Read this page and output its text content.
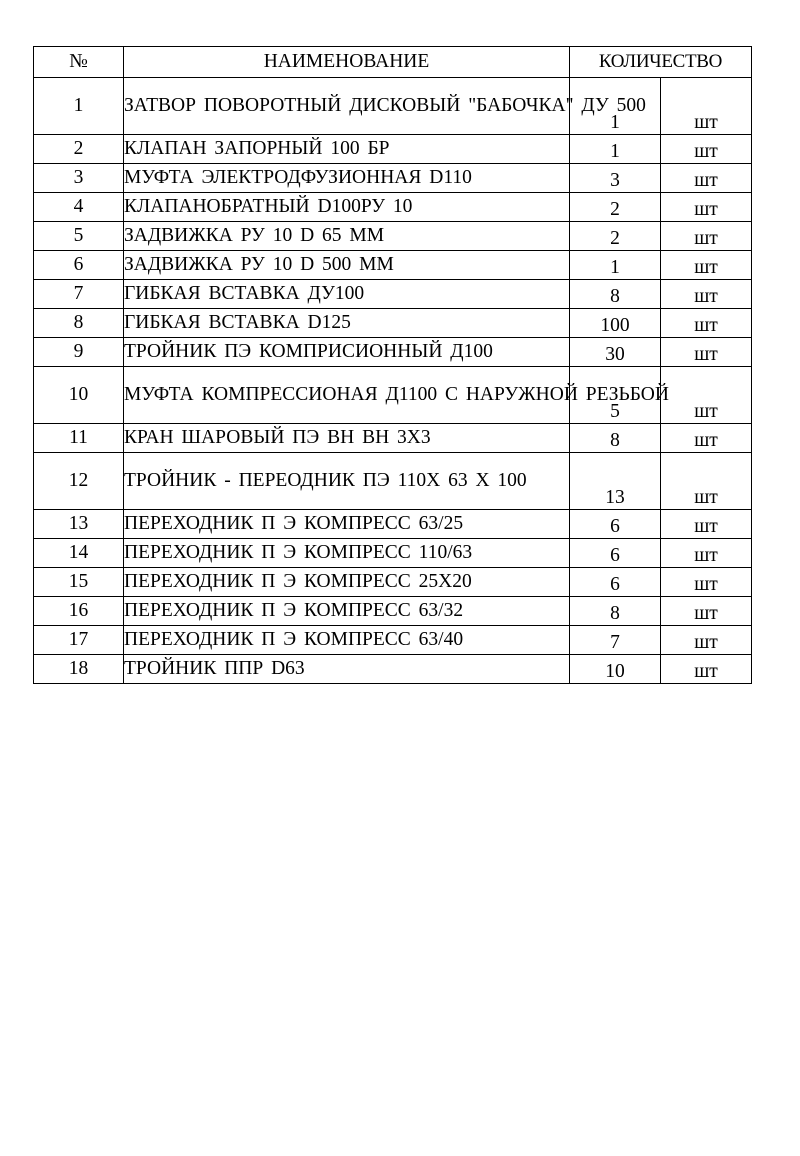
№	НАИМЕНОВАНИЕ	КОЛИЧЕСТВО	
1	ЗАТВОР ПОВОРОТНЫЙ ДИСКОВЫЙ "БАБОЧКА" ДУ 500	1	шт
2	КЛАПАН ЗАПОРНЫЙ 100 БР	1	шт
3	МУФТА ЭЛЕКТРОДФУЗИОННАЯ D110	3	шт
4	КЛАПАНОБРАТНЫЙ D100РУ 10	2	шт
5	ЗАДВИЖКА РУ 10 D 65 ММ	2	шт
6	ЗАДВИЖКА РУ 10 D 500 ММ	1	шт
7	ГИБКАЯ ВСТАВКА ДУ100	8	шт
8	ГИБКАЯ ВСТАВКА D125	100	шт
9	ТРОЙНИК ПЭ КОМПРИСИОННЫЙ Д100	30	шт
10	МУФТА КОМПРЕССИОНАЯ Д1100 С НАРУЖНОЙ РЕЗЬБОЙ	5	шт
11	КРАН ШАРОВЫЙ ПЭ ВН ВН 3Х3	8	шт
12	ТРОЙНИК - ПЕРЕОДНИК ПЭ 110Х 63 Х 100	13	шт
13	ПЕРЕХОДНИК П Э КОМПРЕСС 63/25	6	шт
14	ПЕРЕХОДНИК П Э КОМПРЕСС 110/63	6	шт
15	ПЕРЕХОДНИК П Э КОМПРЕСС 25Х20	6	шт
16	ПЕРЕХОДНИК П Э КОМПРЕСС 63/32	8	шт
17	ПЕРЕХОДНИК П Э КОМПРЕСС 63/40	7	шт
18	ТРОЙНИК ППР D63	10	шт
